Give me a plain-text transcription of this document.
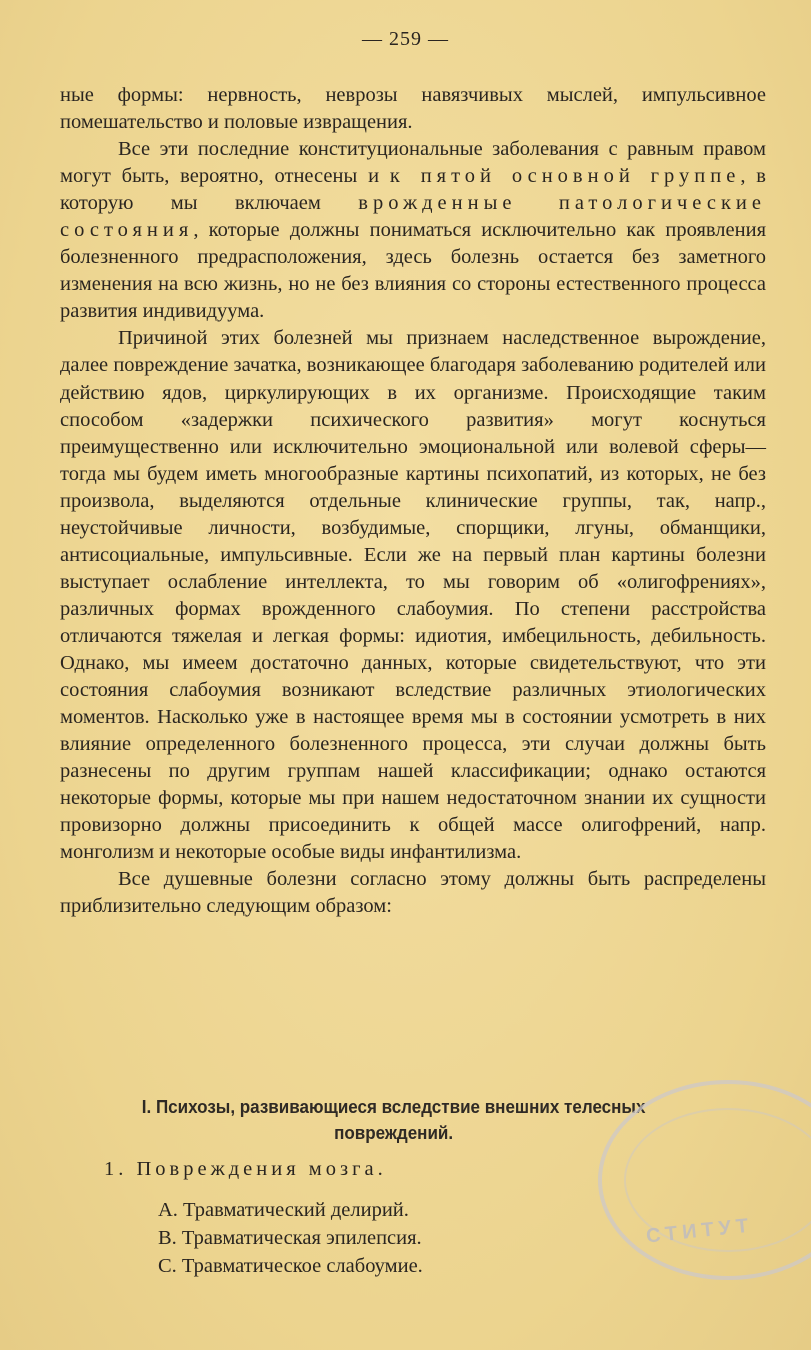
— 259 —

ные формы: нервность, неврозы навязчивых мыслей, импульсивное помешательство и половые извращения.

Все эти последние конституциональные заболевания с равным правом могут быть, вероятно, отнесены и к пятой основной группе, в которую мы включаем врожденные патологические состояния, которые должны пониматься исключительно как проявления болезненного предрасположения, здесь болезнь остается без заметного изменения на всю жизнь, но не без влияния со стороны естественного процесса развития индивидуума.

Причиной этих болезней мы признаем наследственное вырождение, далее повреждение зачатка, возникающее благодаря заболеванию родителей или действию ядов, циркулирующих в их организме. Происходящие таким способом «задержки психического развития» могут коснуться преимущественно или исключительно эмоциональной или волевой сферы—тогда мы будем иметь многообразные картины психопатий, из которых, не без произвола, выделяются отдельные клинические группы, так, напр., неустойчивые личности, возбудимые, спорщики, лгуны, обманщики, антисоциальные, импульсивные. Если же на первый план картины болезни выступает ослабление интеллекта, то мы говорим об «олигофрениях», различных формах врожденного слабоумия. По степени расстройства отличаются тяжелая и легкая формы: идиотия, имбецильность, дебильность. Однако, мы имеем достаточно данных, которые свидетельствуют, что эти состояния слабоумия возникают вследствие различных этиологических моментов. Насколько уже в настоящее время мы в состоянии усмотреть в них влияние определенного болезненного процесса, эти случаи должны быть разнесены по другим группам нашей классификации; однако остаются некоторые формы, которые мы при нашем недостаточном знании их сущности провизорно должны присоединить к общей массе олигофрений, напр. монголизм и некоторые особые виды инфантилизма.

Все душевные болезни согласно этому должны быть распределены приблизительно следующим образом:

I. Психозы, развивающиеся вследствие внешних телесных повреждений.
1. Повреждения мозга.
A. Травматический делирий.
B. Травматическая эпилепсия.
C. Травматическое слабоумие.
СТИТУТ
